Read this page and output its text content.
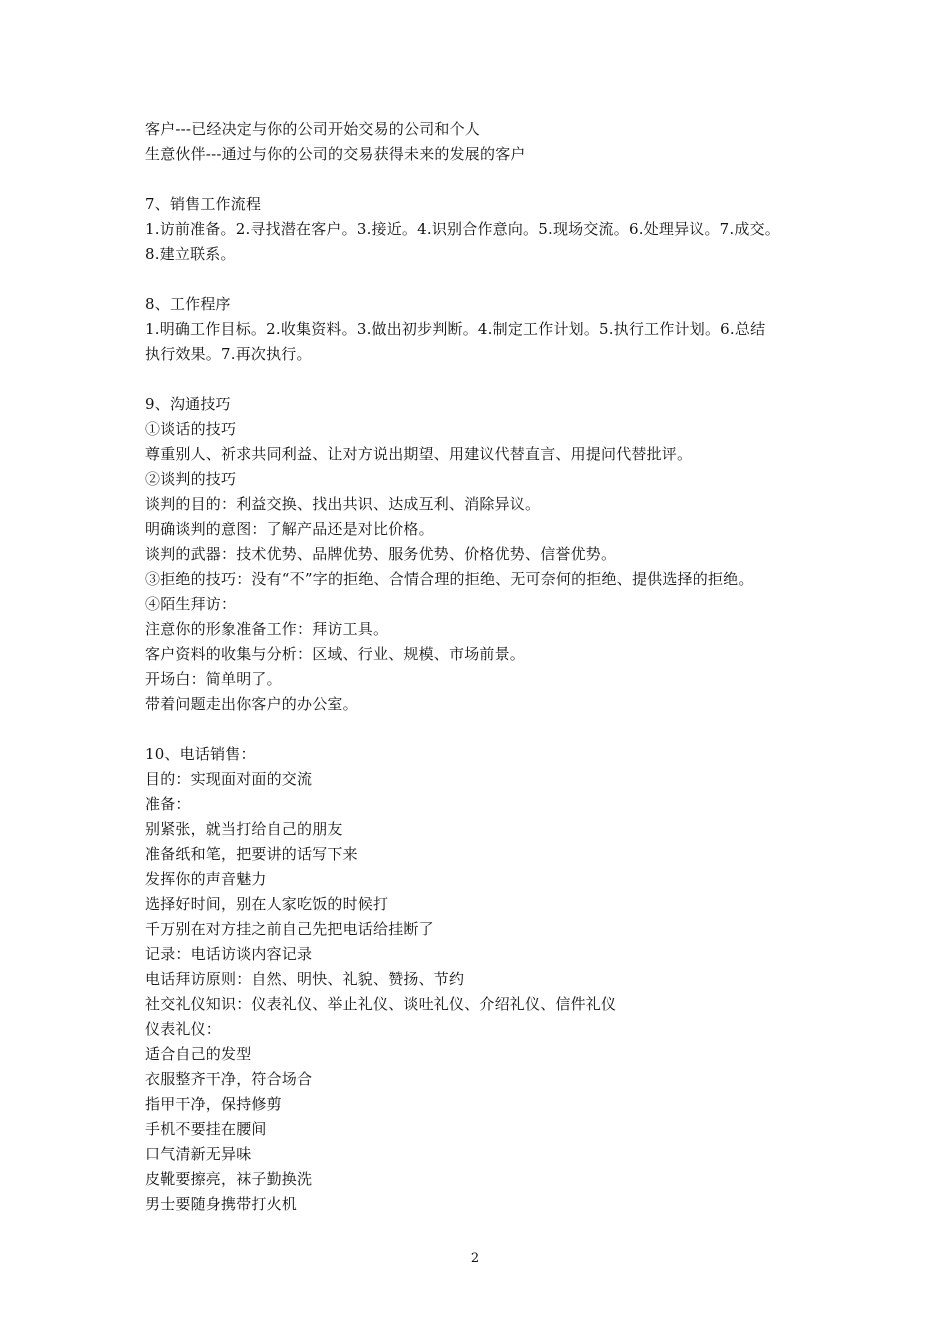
客户---已经决定与你的公司开始交易的公司和个人
生意伙伴---通过与你的公司的交易获得未来的发展的客户
7、销售工作流程
1.访前准备。2.寻找潜在客户。3.接近。4.识别合作意向。5.现场交流。6.处理异议。7.成交。
8.建立联系。
8、工作程序
1.明确工作目标。2.收集资料。3.做出初步判断。4.制定工作计划。5.执行工作计划。6.总结
执行效果。7.再次执行。
9、沟通技巧
①谈话的技巧
尊重别人、祈求共同利益、让对方说出期望、用建议代替直言、用提问代替批评。
②谈判的技巧
谈判的目的：利益交换、找出共识、达成互利、消除异议。
明确谈判的意图：了解产品还是对比价格。
谈判的武器：技术优势、品牌优势、服务优势、价格优势、信誉优势。
③拒绝的技巧：没有“不”字的拒绝、合情合理的拒绝、无可奈何的拒绝、提供选择的拒绝。
④陌生拜访：
注意你的形象准备工作：拜访工具。
客户资料的收集与分析：区域、行业、规模、市场前景。
开场白：简单明了。
带着问题走出你客户的办公室。
10、电话销售：
目的：实现面对面的交流
准备：
别紧张，就当打给自己的朋友
准备纸和笔，把要讲的话写下来
发挥你的声音魅力
选择好时间，别在人家吃饭的时候打
千万别在对方挂之前自己先把电话给挂断了
记录：电话访谈内容记录
电话拜访原则：自然、明快、礼貌、赞扬、节约
社交礼仪知识：仪表礼仪、举止礼仪、谈吐礼仪、介绍礼仪、信件礼仪
仪表礼仪：
适合自己的发型
衣服整齐干净，符合场合
指甲干净，保持修剪
手机不要挂在腰间
口气清新无异味
皮靴要擦亮，袜子勤换洗
男士要随身携带打火机
2
